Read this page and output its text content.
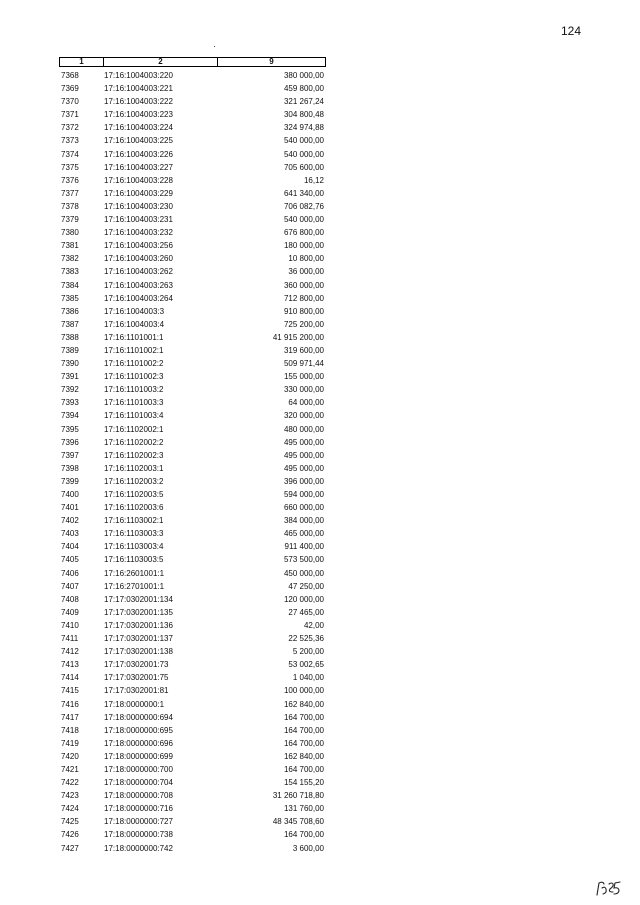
124
1	2	9
7368	17:16:1004003:220	380 000,00
7369	17:16:1004003:221	459 800,00
7370	17:16:1004003:222	321 267,24
7371	17:16:1004003:223	304 800,48
7372	17:16:1004003:224	324 974,88
7373	17:16:1004003:225	540 000,00
7374	17:16:1004003:226	540 000,00
7375	17:16:1004003:227	705 600,00
7376	17:16:1004003:228	16,12
7377	17:16:1004003:229	641 340,00
7378	17:16:1004003:230	706 082,76
7379	17:16:1004003:231	540 000,00
7380	17:16:1004003:232	676 800,00
7381	17:16:1004003:256	180 000,00
7382	17:16:1004003:260	10 800,00
7383	17:16:1004003:262	36 000,00
7384	17:16:1004003:263	360 000,00
7385	17:16:1004003:264	712 800,00
7386	17:16:1004003:3	910 800,00
7387	17:16:1004003:4	725 200,00
7388	17:16:1101001:1	41 915 200,00
7389	17:16:1101002:1	319 600,00
7390	17:16:1101002:2	509 971,44
7391	17:16:1101002:3	155 000,00
7392	17:16:1101003:2	330 000,00
7393	17:16:1101003:3	64 000,00
7394	17:16:1101003:4	320 000,00
7395	17:16:1102002:1	480 000,00
7396	17:16:1102002:2	495 000,00
7397	17:16:1102002:3	495 000,00
7398	17:16:1102003:1	495 000,00
7399	17:16:1102003:2	396 000,00
7400	17:16:1102003:5	594 000,00
7401	17:16:1102003:6	660 000,00
7402	17:16:1103002:1	384 000,00
7403	17:16:1103003:3	465 000,00
7404	17:16:1103003:4	911 400,00
7405	17:16:1103003:5	573 500,00
7406	17:16:2601001:1	450 000,00
7407	17:16:2701001:1	47 250,00
7408	17:17:0302001:134	120 000,00
7409	17:17:0302001:135	27 465,00
7410	17:17:0302001:136	42,00
7411	17:17:0302001:137	22 525,36
7412	17:17:0302001:138	5 200,00
7413	17:17:0302001:73	53 002,65
7414	17:17:0302001:75	1 040,00
7415	17:17:0302001:81	100 000,00
7416	17:18:0000000:1	162 840,00
7417	17:18:0000000:694	164 700,00
7418	17:18:0000000:695	164 700,00
7419	17:18:0000000:696	164 700,00
7420	17:18:0000000:699	162 840,00
7421	17:18:0000000:700	164 700,00
7422	17:18:0000000:704	154 155,20
7423	17:18:0000000:708	31 260 718,80
7424	17:18:0000000:716	131 760,00
7425	17:18:0000000:727	48 345 708,60
7426	17:18:0000000:738	164 700,00
7427	17:18:0000000:742	3 600,00
